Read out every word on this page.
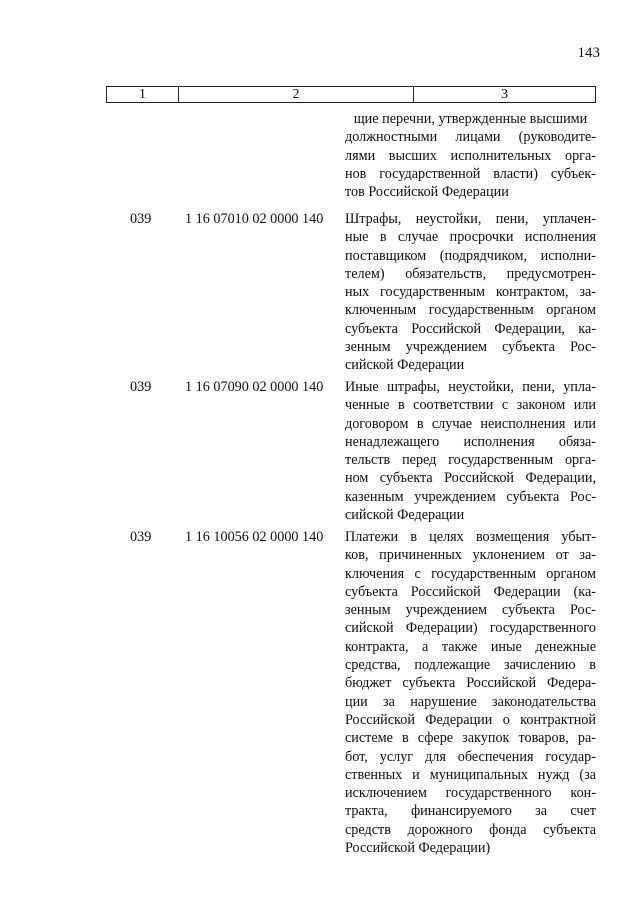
143
1	2	3
щие перечни, утвержденные высшими
должностными лицами (руководите-
лями высших исполнительных орга-
нов государственной власти) субъек-
тов Российской Федерации
039 1 16 07010 02 0000 140 Штрафы, неустойки, пени, уплачен-
ные в случае просрочки исполнения
поставщиком (подрядчиком, исполни-
телем) обязательств, предусмотрен-
ных государственным контрактом, за-
ключенным государственным органом
субъекта Российской Федерации, ка-
зенным учреждением субъекта Рос-
сийской Федерации
039 1 16 07090 02 0000 140 Иные штрафы, неустойки, пени, упла-
ченные в соответствии с законом или
договором в случае неисполнения или
ненадлежащего исполнения обяза-
тельств перед государственным орга-
ном субъекта Российской Федерации,
казенным учреждением субъекта Рос-
сийской Федерации
039 1 16 10056 02 0000 140 Платежи в целях возмещения убыт-
ков, причиненных уклонением от за-
ключения с государственным органом
субъекта Российской Федерации (ка-
зенным учреждением субъекта Рос-
сийской Федерации) государственного
контракта, а также иные денежные
средства, подлежащие зачислению в
бюджет субъекта Российской Федера-
ции за нарушение законодательства
Российской Федерации о контрактной
системе в сфере закупок товаров, ра-
бот, услуг для обеспечения государ-
ственных и муниципальных нужд (за
исключением государственного кон-
тракта, финансируемого за счет
средств дорожного фонда субъекта
Российской Федерации)
